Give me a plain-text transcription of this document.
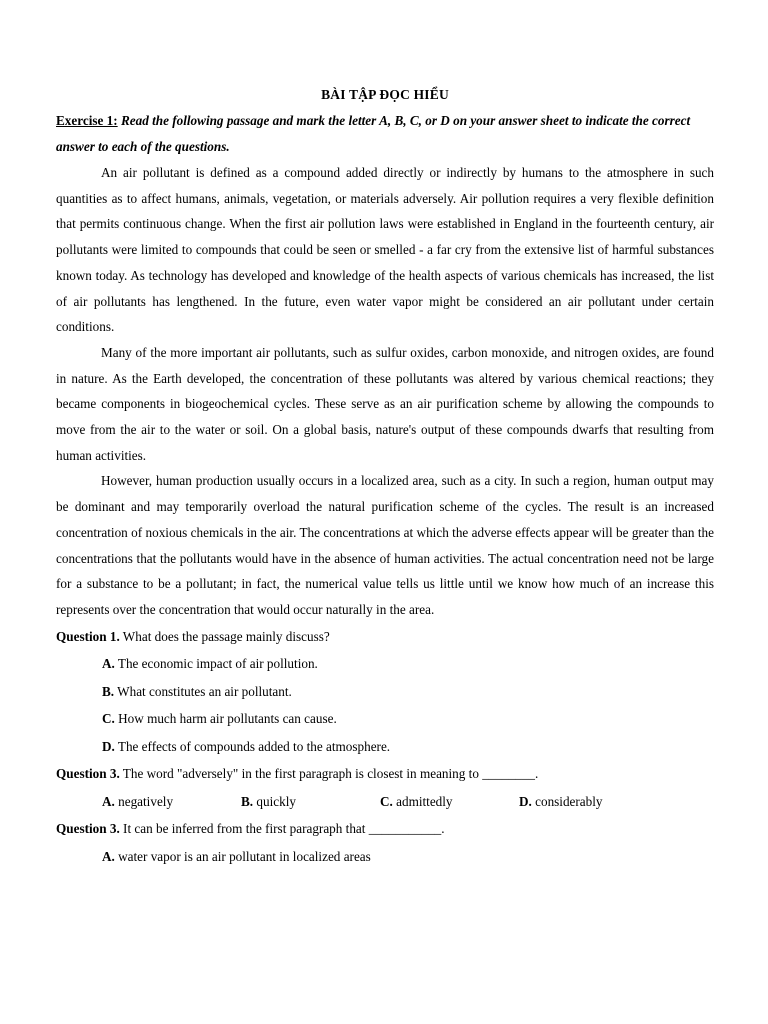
BÀI TẬP ĐỌC HIỂU

Exercise 1: Read the following passage and mark the letter A, B, C, or D on your answer sheet to indicate the correct answer to each of the questions.

An air pollutant is defined as a compound added directly or indirectly by humans to the atmosphere in such quantities as to affect humans, animals, vegetation, or materials adversely. Air pollution requires a very flexible definition that permits continuous change. When the first air pollution laws were established in England in the fourteenth century, air pollutants were limited to compounds that could be seen or smelled - a far cry from the extensive list of harmful substances known today. As technology has developed and knowledge of the health aspects of various chemicals has increased, the list of air pollutants has lengthened. In the future, even water vapor might be considered an air pollutant under certain conditions.

Many of the more important air pollutants, such as sulfur oxides, carbon monoxide, and nitrogen oxides, are found in nature. As the Earth developed, the concentration of these pollutants was altered by various chemical reactions; they became components in biogeochemical cycles. These serve as an air purification scheme by allowing the compounds to move from the air to the water or soil. On a global basis, nature's output of these compounds dwarfs that resulting from human activities.

However, human production usually occurs in a localized area, such as a city. In such a region, human output may be dominant and may temporarily overload the natural purification scheme of the cycles. The result is an increased concentration of noxious chemicals in the air. The concentrations at which the adverse effects appear will be greater than the concentrations that the pollutants would have in the absence of human activities. The actual concentration need not be large for a substance to be a pollutant; in fact, the numerical value tells us little until we know how much of an increase this represents over the concentration that would occur naturally in the area.

Question 1. What does the passage mainly discuss?

A. The economic impact of air pollution.

B. What constitutes an air pollutant.

C. How much harm air pollutants can cause.

D. The effects of compounds added to the atmosphere.

Question 3. The word "adversely" in the first paragraph is closest in meaning to ________.

A. negatively	B. quickly	C. admittedly	D. considerably

Question 3. It can be inferred from the first paragraph that ___________.

A. water vapor is an air pollutant in localized areas
